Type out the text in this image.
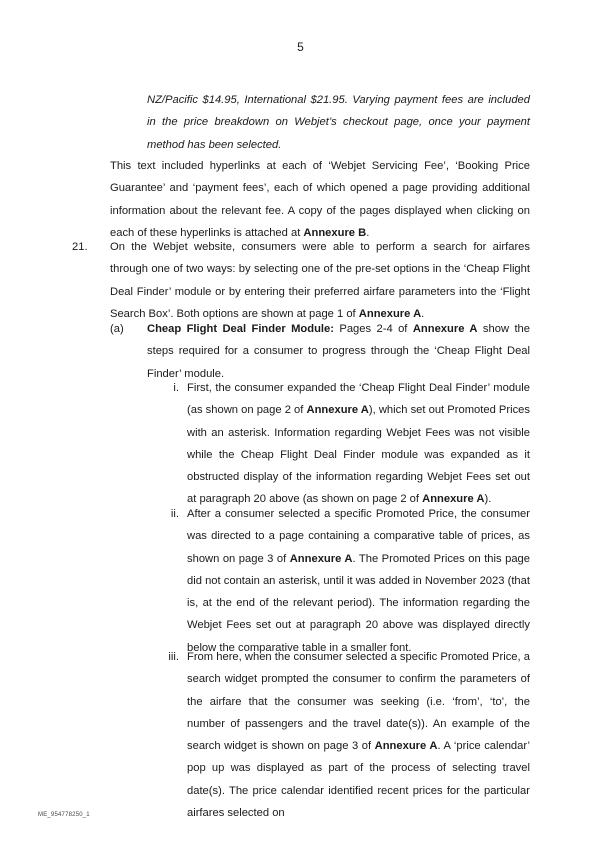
5

NZ/Pacific $14.95, International $21.95. Varying payment fees are included in the price breakdown on Webjet’s checkout page, once your payment method has been selected.

This text included hyperlinks at each of ‘Webjet Servicing Fee’, ‘Booking Price Guarantee’ and ‘payment fees’, each of which opened a page providing additional information about the relevant fee. A copy of the pages displayed when clicking on each of these hyperlinks is attached at Annexure B.

21. On the Webjet website, consumers were able to perform a search for airfares through one of two ways: by selecting one of the pre-set options in the ‘Cheap Flight Deal Finder’ module or by entering their preferred airfare parameters into the ‘Flight Search Box’. Both options are shown at page 1 of Annexure A.

(a) Cheap Flight Deal Finder Module: Pages 2-4 of Annexure A show the steps required for a consumer to progress through the ‘Cheap Flight Deal Finder’ module.

i. First, the consumer expanded the ‘Cheap Flight Deal Finder’ module (as shown on page 2 of Annexure A), which set out Promoted Prices with an asterisk. Information regarding Webjet Fees was not visible while the Cheap Flight Deal Finder module was expanded as it obstructed display of the information regarding Webjet Fees set out at paragraph 20 above (as shown on page 2 of Annexure A).

ii. After a consumer selected a specific Promoted Price, the consumer was directed to a page containing a comparative table of prices, as shown on page 3 of Annexure A. The Promoted Prices on this page did not contain an asterisk, until it was added in November 2023 (that is, at the end of the relevant period). The information regarding the Webjet Fees set out at paragraph 20 above was displayed directly below the comparative table in a smaller font.

iii. From here, when the consumer selected a specific Promoted Price, a search widget prompted the consumer to confirm the parameters of the airfare that the consumer was seeking (i.e. ‘from’, ‘to’, the number of passengers and the travel date(s)). An example of the search widget is shown on page 3 of Annexure A. A ‘price calendar’ pop up was displayed as part of the process of selecting travel date(s). The price calendar identified recent prices for the particular airfares selected on

ME_954778250_1
